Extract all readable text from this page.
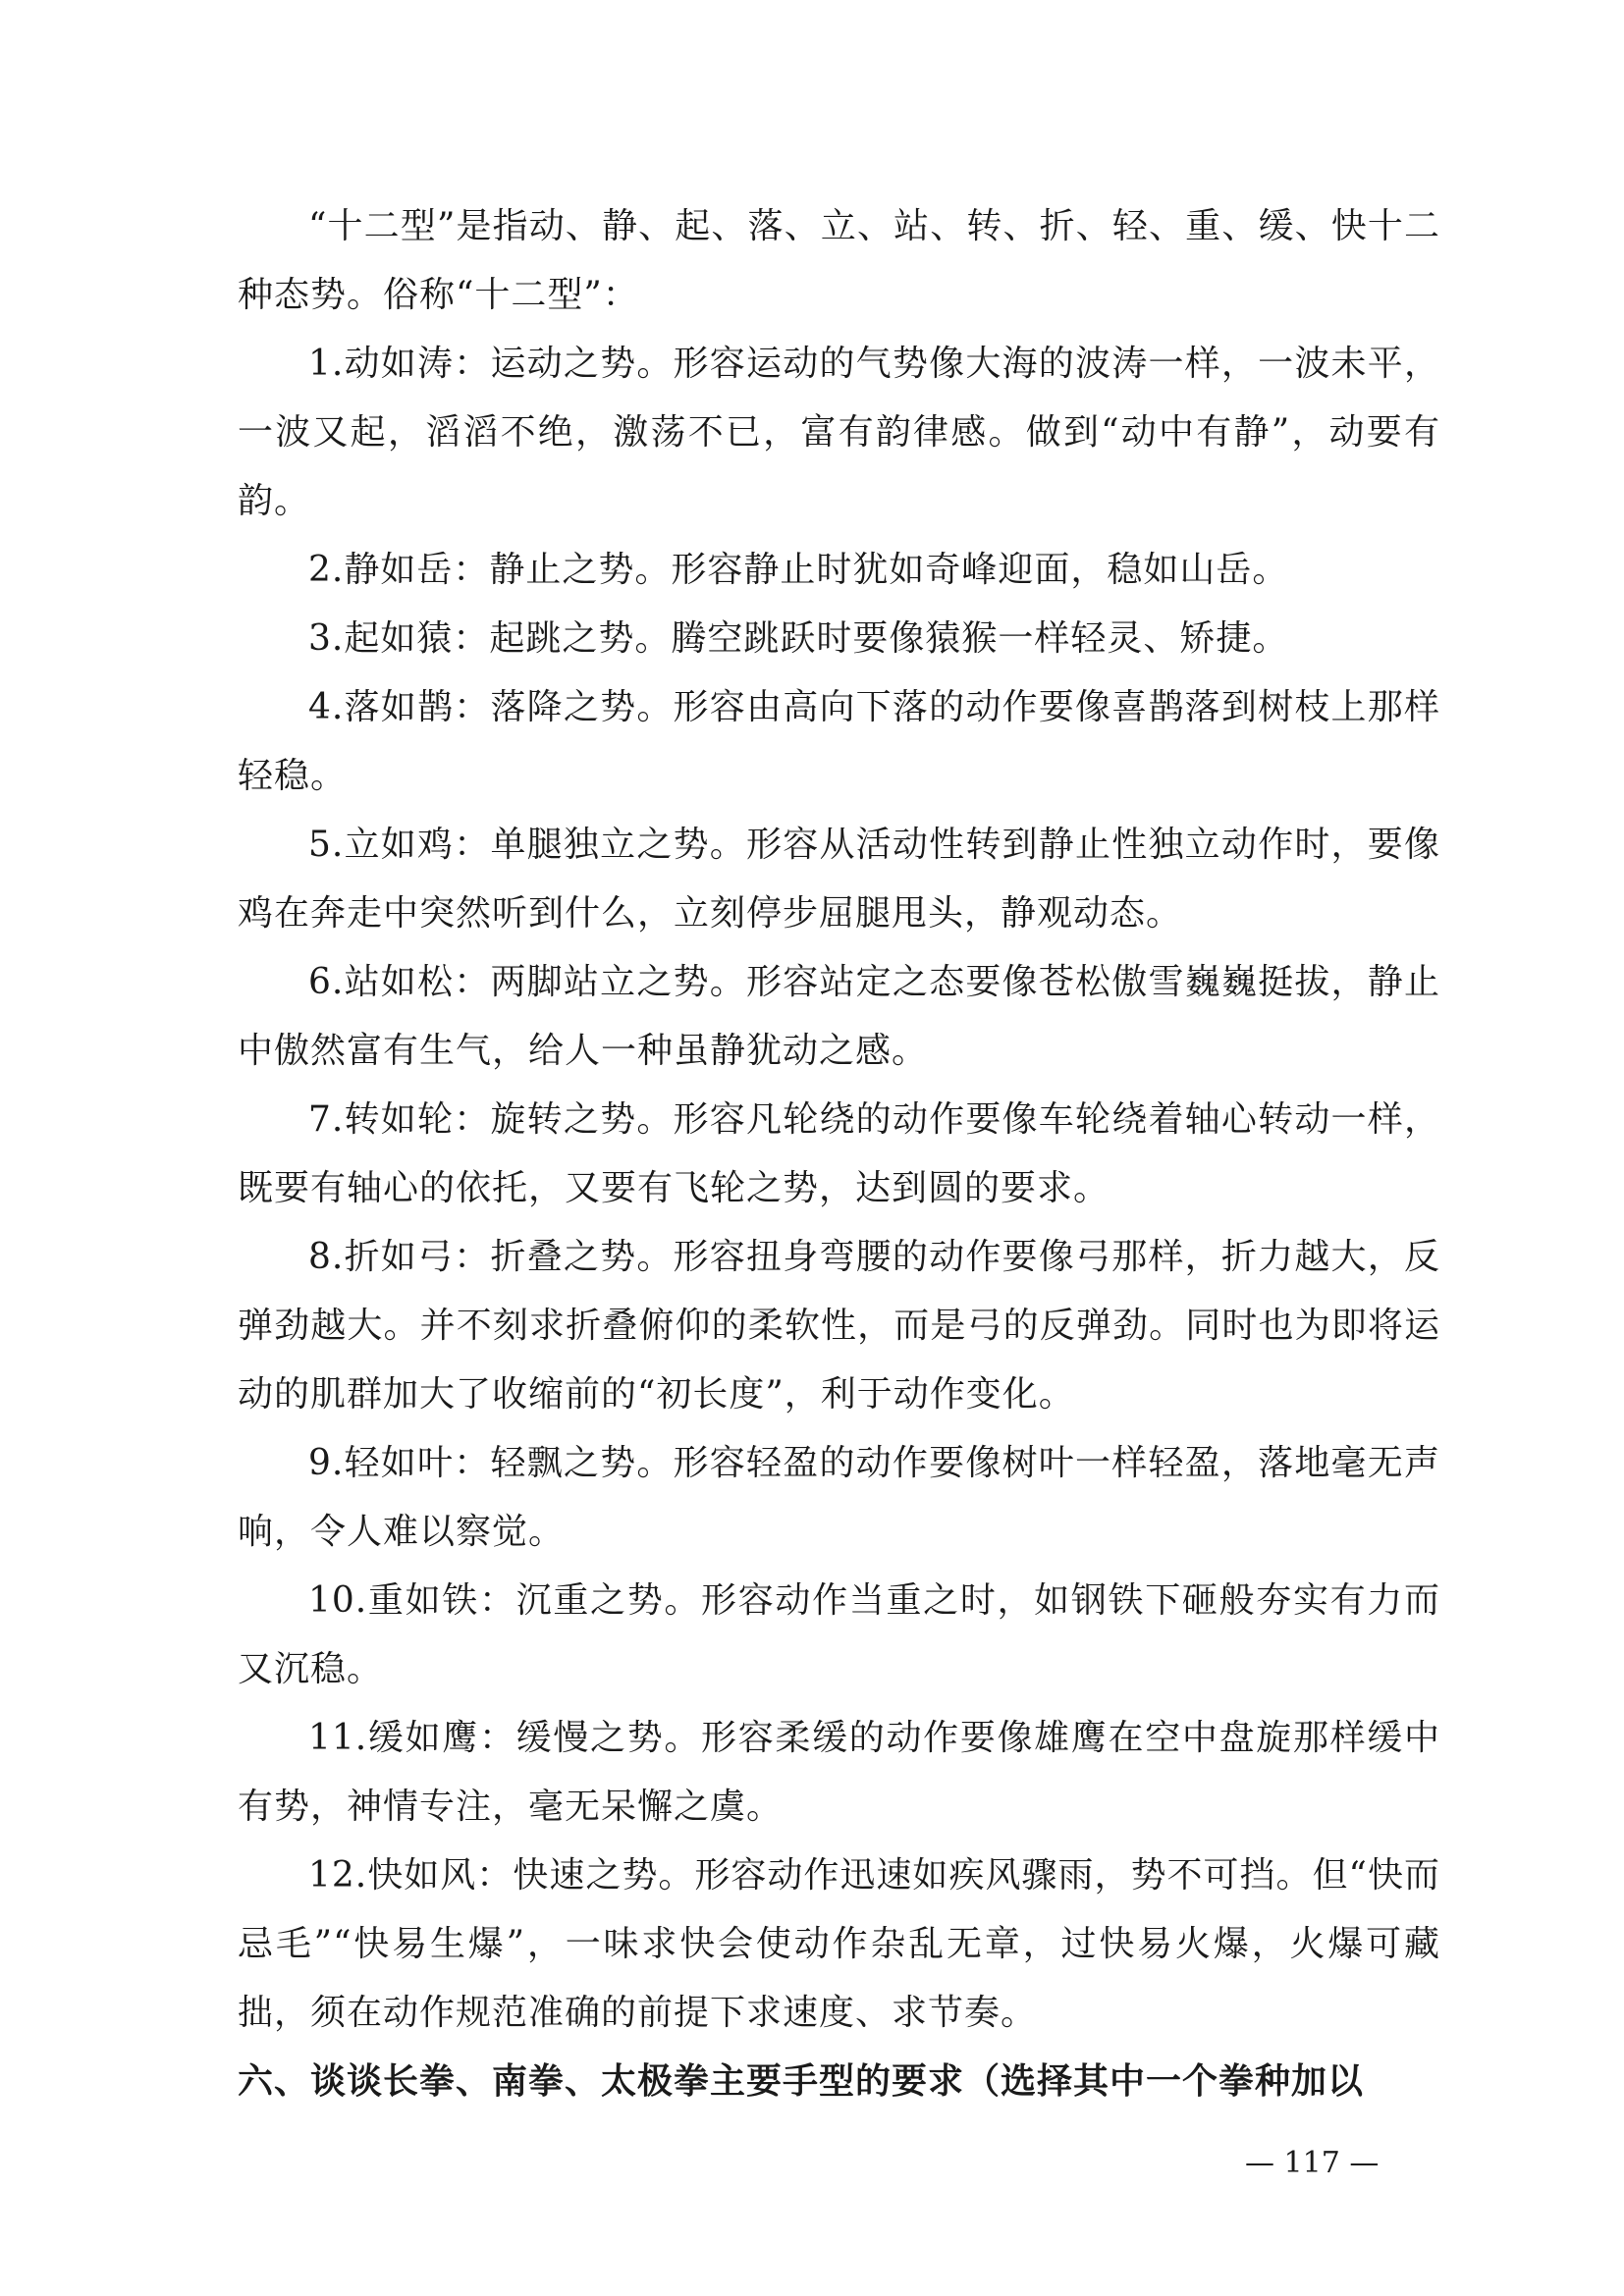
“十二型”是指动、静、起、落、立、站、转、折、轻、重、缓、快十二种态势。俗称“十二型”：

1.动如涛：运动之势。形容运动的气势像大海的波涛一样，一波未平，一波又起，滔滔不绝，激荡不已，富有韵律感。做到“动中有静”，动要有韵。

2.静如岳：静止之势。形容静止时犹如奇峰迎面，稳如山岳。

3.起如猿：起跳之势。腾空跳跃时要像猿猴一样轻灵、矫捷。

4.落如鹊：落降之势。形容由高向下落的动作要像喜鹊落到树枝上那样轻稳。

5.立如鸡：单腿独立之势。形容从活动性转到静止性独立动作时，要像鸡在奔走中突然听到什么，立刻停步屈腿甩头，静观动态。

6.站如松：两脚站立之势。形容站定之态要像苍松傲雪巍巍挺拔，静止中傲然富有生气，给人一种虽静犹动之感。

7.转如轮：旋转之势。形容凡轮绕的动作要像车轮绕着轴心转动一样，既要有轴心的依托，又要有飞轮之势，达到圆的要求。

8.折如弓：折叠之势。形容扭身弯腰的动作要像弓那样，折力越大，反弹劲越大。并不刻求折叠俯仰的柔软性，而是弓的反弹劲。同时也为即将运动的肌群加大了收缩前的“初长度”，利于动作变化。

9.轻如叶：轻飘之势。形容轻盈的动作要像树叶一样轻盈，落地毫无声响，令人难以察觉。

10.重如铁：沉重之势。形容动作当重之时，如钢铁下砸般夯实有力而又沉稳。

11.缓如鹰：缓慢之势。形容柔缓的动作要像雄鹰在空中盘旋那样缓中有势，神情专注，毫无呆懈之虞。

12.快如风：快速之势。形容动作迅速如疾风骤雨，势不可挡。但“快而忌毛”“快易生爆”，一味求快会使动作杂乱无章，过快易火爆，火爆可藏拙，须在动作规范准确的前提下求速度、求节奏。

六、谈谈长拳、南拳、太极拳主要手型的要求（选择其中一个拳种加以

— 117 —
